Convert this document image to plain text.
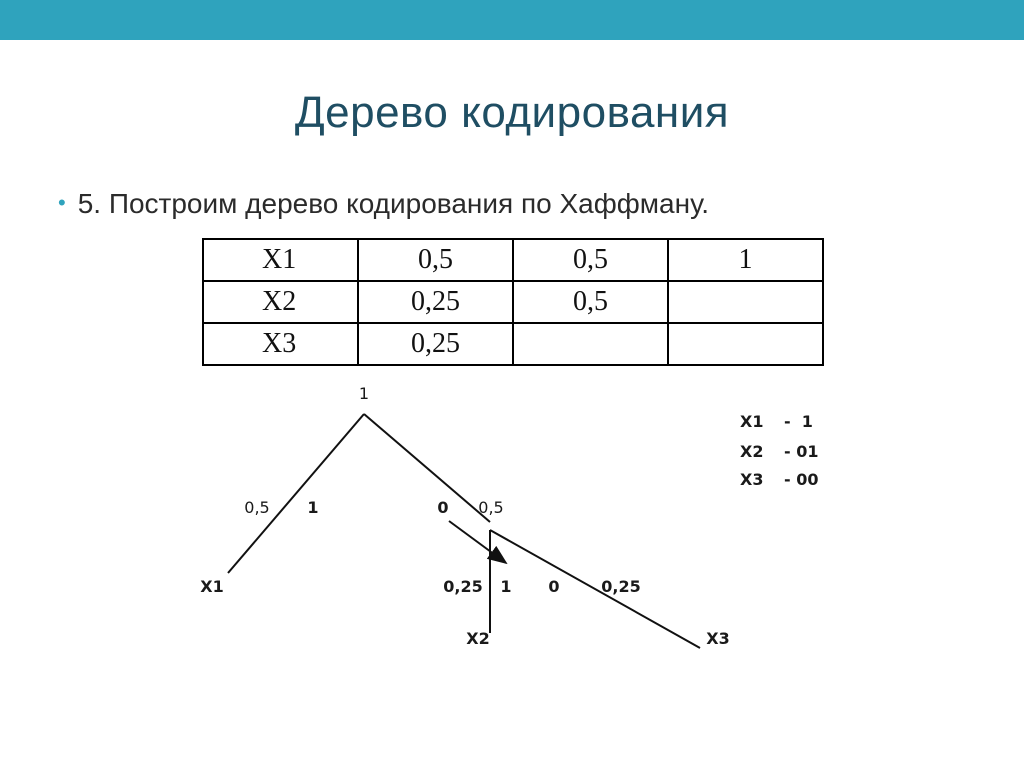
Дерево кодирования
• 5. Построим дерево кодирования по Хаффману.
X1	0,5	0,5	1
X2	0,25	0,5	
X3	0,25		
1
0,5 1	0 0,5
0,25 1 0	0,25
X1
X2	X3
X1 -  1
X2 - 01
X3 - 00
